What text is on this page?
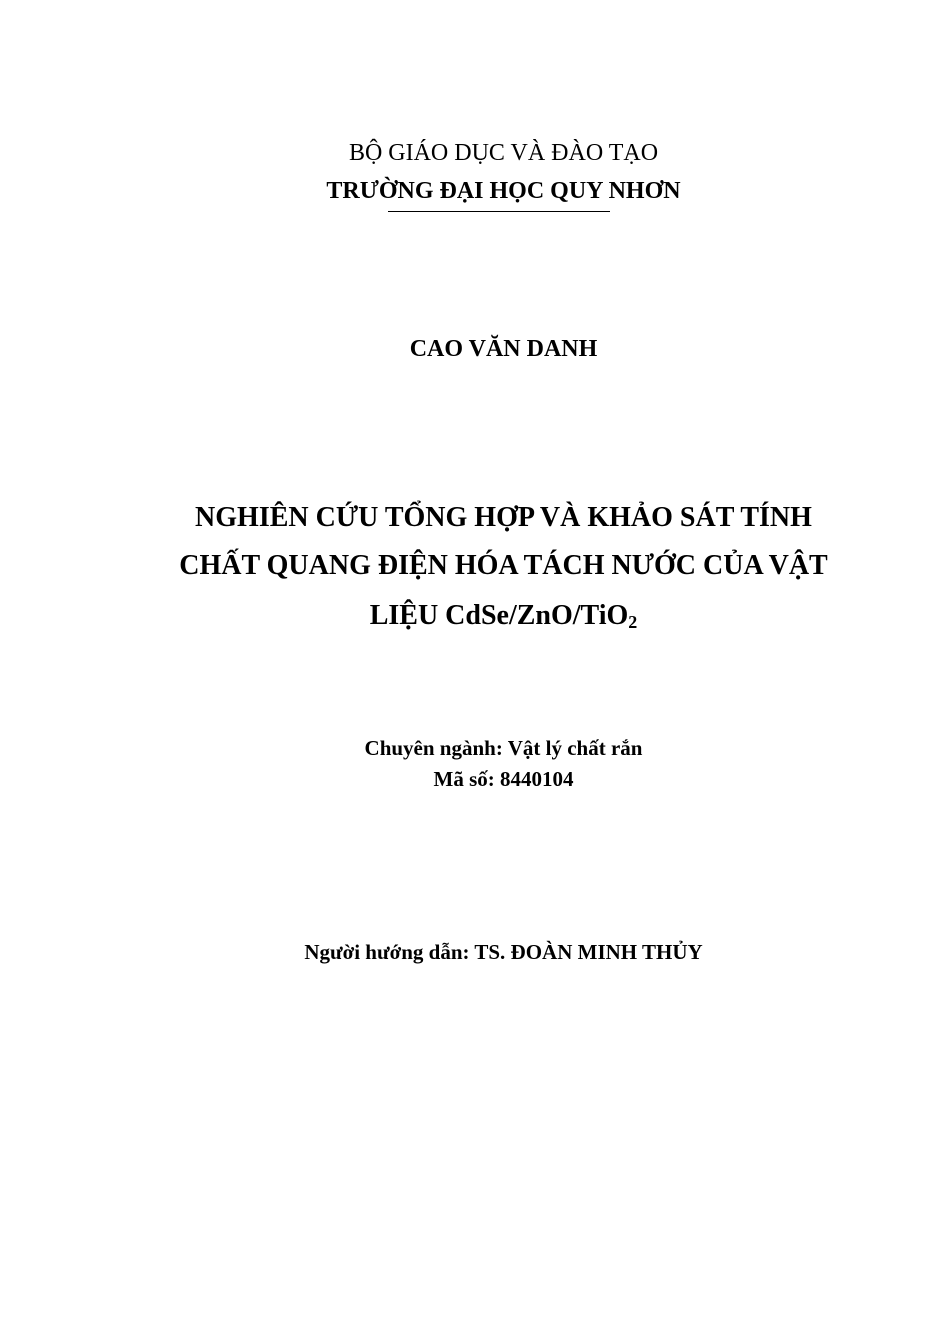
BỘ GIÁO DỤC VÀ ĐÀO TẠO
TRƯỜNG ĐẠI HỌC QUY NHƠN
CAO VĂN DANH
NGHIÊN CỨU TỔNG HỢP VÀ KHẢO SÁT TÍNH
CHẤT QUANG ĐIỆN HÓA TÁCH NƯỚC CỦA VẬT
LIỆU CdSe/ZnO/TiO$_2$
Chuyên ngành: Vật lý chất rắn
Mã số: 8440104
Người hướng dẫn: TS. ĐOÀN MINH THỦY
